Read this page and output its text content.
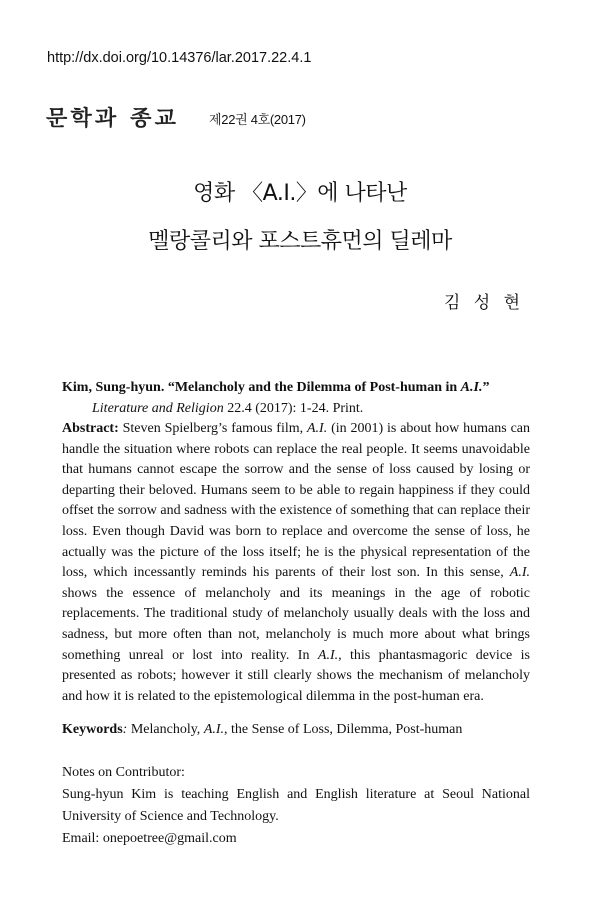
http://dx.doi.org/10.14376/lar.2017.22.4.1
문학과 종교 제22권 4호(2017)
영화 〈A.I.〉에 나타난
멜랑콜리와 포스트휴먼의 딜레마
김 성 현
Kim, Sung-hyun. “Melancholy and the Dilemma of Post-human in A.I.”
Literature and Religion 22.4 (2017): 1-24. Print.
Abstract: Steven Spielberg’s famous film, A.I. (in 2001) is about how humans can handle the situation where robots can replace the real people. It seems unavoidable that humans cannot escape the sorrow and the sense of loss caused by losing or departing their beloved. Humans seem to be able to regain happiness if they could offset the sorrow and sadness with the existence of something that can replace their loss. Even though David was born to replace and overcome the sense of loss, he actually was the picture of the loss itself; he is the physical representation of the loss, which incessantly reminds his parents of their lost son. In this sense, A.I. shows the essence of melancholy and its meanings in the age of robotic replacements. The traditional study of melancholy usually deals with the loss and sadness, but more often than not, melancholy is much more about what brings something unreal or lost into reality. In A.I., this phantasmagoric device is presented as robots; however it still clearly shows the mechanism of melancholy and how it is related to the epistemological dilemma in the post-human era.
Keywords: Melancholy, A.I., the Sense of Loss, Dilemma, Post-human
Notes on Contributor:
Sung-hyun Kim is teaching English and English literature at Seoul National University of Science and Technology.
Email: onepoetree@gmail.com
